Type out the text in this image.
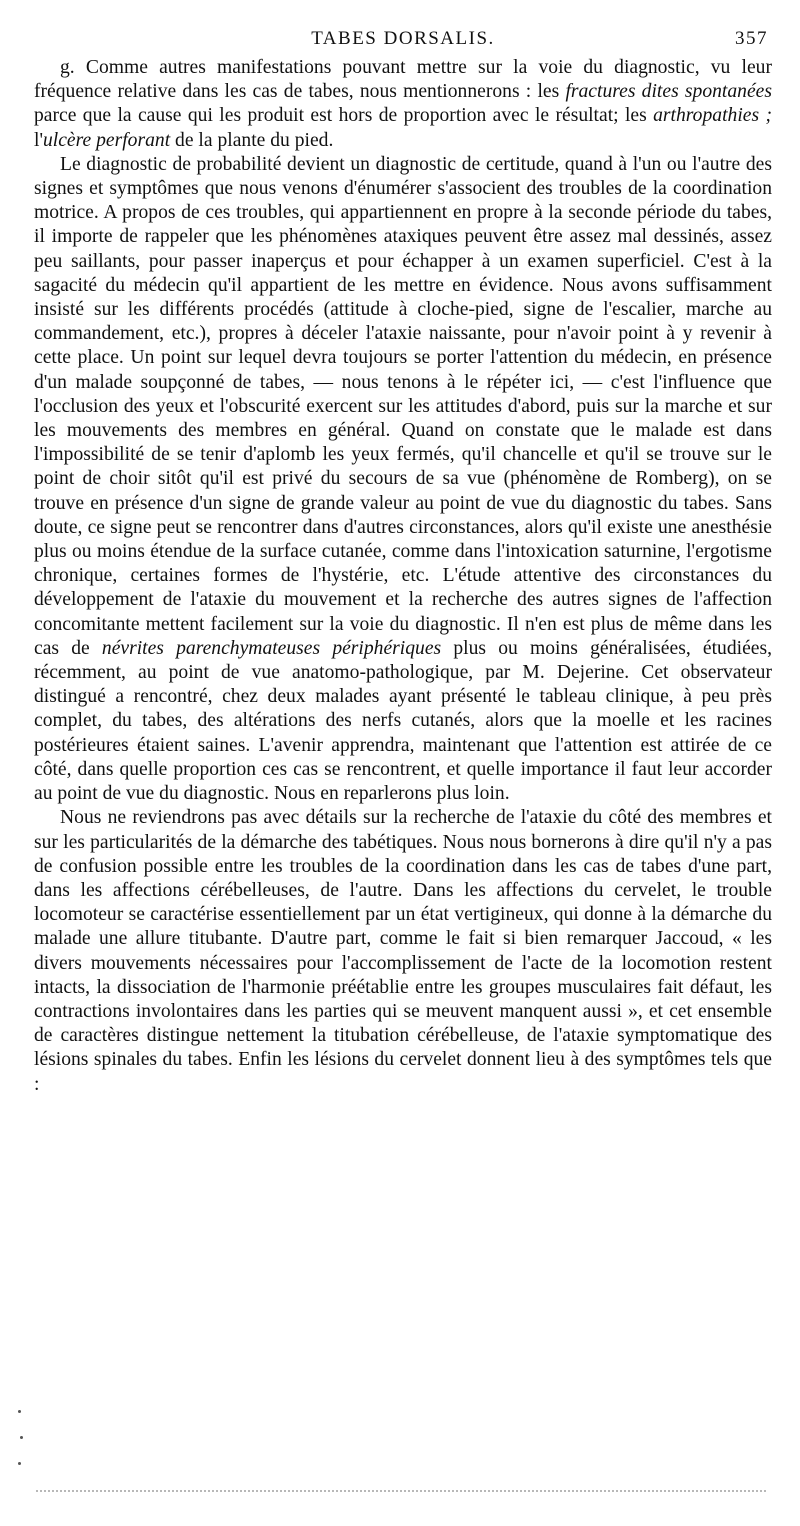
TABES DORSALIS.	357

g. Comme autres manifestations pouvant mettre sur la voie du diagnostic, vu leur fréquence relative dans les cas de tabes, nous mentionnerons : les fractures dites spontanées parce que la cause qui les produit est hors de proportion avec le résultat; les arthropathies ; l'ulcère perforant de la plante du pied.

Le diagnostic de probabilité devient un diagnostic de certitude, quand à l'un ou l'autre des signes et symptômes que nous venons d'énumérer s'associent des troubles de la coordination motrice. A propos de ces troubles, qui appartiennent en propre à la seconde période du tabes, il importe de rappeler que les phénomènes ataxiques peuvent être assez mal dessinés, assez peu saillants, pour passer inaperçus et pour échapper à un examen superficiel. C'est à la sagacité du médecin qu'il appartient de les mettre en évidence. Nous avons suffisamment insisté sur les différents procédés (attitude à cloche-pied, signe de l'escalier, marche au commandement, etc.), propres à déceler l'ataxie naissante, pour n'avoir point à y revenir à cette place. Un point sur lequel devra toujours se porter l'attention du médecin, en présence d'un malade soupçonné de tabes, — nous tenons à le répéter ici, — c'est l'influence que l'occlusion des yeux et l'obscurité exercent sur les attitudes d'abord, puis sur la marche et sur les mouvements des membres en général. Quand on constate que le malade est dans l'impossibilité de se tenir d'aplomb les yeux fermés, qu'il chancelle et qu'il se trouve sur le point de choir sitôt qu'il est privé du secours de sa vue (phénomène de Romberg), on se trouve en présence d'un signe de grande valeur au point de vue du diagnostic du tabes. Sans doute, ce signe peut se rencontrer dans d'autres circonstances, alors qu'il existe une anesthésie plus ou moins étendue de la surface cutanée, comme dans l'intoxication saturnine, l'ergotisme chronique, certaines formes de l'hystérie, etc. L'étude attentive des circonstances du développement de l'ataxie du mouvement et la recherche des autres signes de l'affection concomitante mettent facilement sur la voie du diagnostic. Il n'en est plus de même dans les cas de névrites parenchymateuses périphériques plus ou moins généralisées, étudiées, récemment, au point de vue anatomo-pathologique, par M. Dejerine. Cet observateur distingué a rencontré, chez deux malades ayant présenté le tableau clinique, à peu près complet, du tabes, des altérations des nerfs cutanés, alors que la moelle et les racines postérieures étaient saines. L'avenir apprendra, maintenant que l'attention est attirée de ce côté, dans quelle proportion ces cas se rencontrent, et quelle importance il faut leur accorder au point de vue du diagnostic. Nous en reparlerons plus loin.

Nous ne reviendrons pas avec détails sur la recherche de l'ataxie du côté des membres et sur les particularités de la démarche des tabétiques. Nous nous bornerons à dire qu'il n'y a pas de confusion possible entre les troubles de la coordination dans les cas de tabes d'une part, dans les affections cérébelleuses, de l'autre. Dans les affections du cervelet, le trouble locomoteur se caractérise essentiellement par un état vertigineux, qui donne à la démarche du malade une allure titubante. D'autre part, comme le fait si bien remarquer Jaccoud, « les divers mouvements nécessaires pour l'accomplissement de l'acte de la locomotion restent intacts, la dissociation de l'harmonie préétablie entre les groupes musculaires fait défaut, les contractions involontaires dans les parties qui se meuvent manquent aussi », et cet ensemble de caractères distingue nettement la titubation cérébelleuse, de l'ataxie symptomatique des lésions spinales du tabes. Enfin les lésions du cervelet donnent lieu à des symptômes tels que :
